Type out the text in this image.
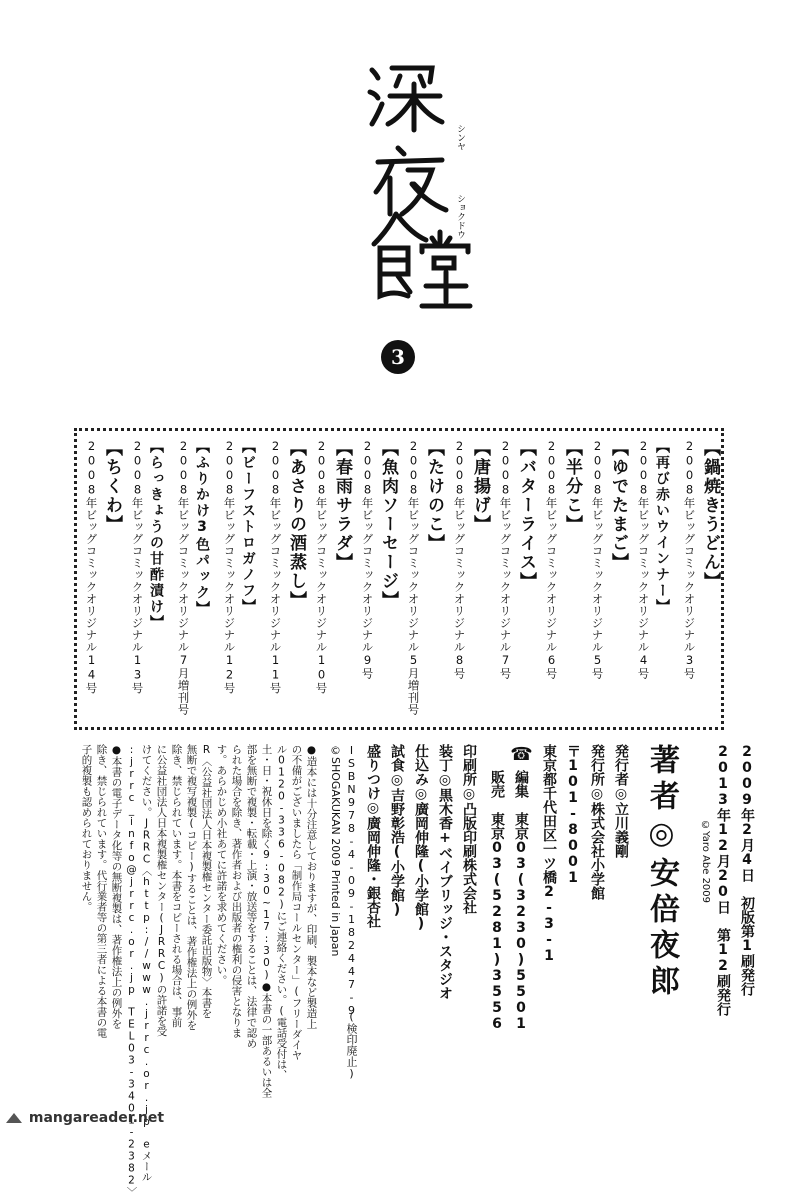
シンヤ
ショクドウ
3
【鍋焼きうどん】
2008年ビッグコミックオリジナル3号
【再び赤いウインナー】
2008年ビッグコミックオリジナル4号
【ゆでたまご】
2008年ビッグコミックオリジナル5号
【半分こ】
2008年ビッグコミックオリジナル6号
【バターライス】
2008年ビッグコミックオリジナル7号
【唐揚げ】
2008年ビッグコミックオリジナル8号
【たけのこ】
2008年ビッグコミックオリジナル5月増刊号
【魚肉ソーセージ】
2008年ビッグコミックオリジナル9号
【春雨サラダ】
2008年ビッグコミックオリジナル10号
【あさりの酒蒸し】
2008年ビッグコミックオリジナル11号
【ビーフストロガノフ】
2008年ビッグコミックオリジナル12号
【ふりかけ3色パック】
2008年ビッグコミックオリジナル7月増刊号
【らっきょうの甘酢漬け】
2008年ビッグコミックオリジナル13号
【ちくわ】
2008年ビッグコミックオリジナル14号
2009年2月4日　初版第1刷発行
2013年12月20日　第12刷発行
©Yaro Abe 2009
著者◎安倍夜郎
発行者◎立川義剛
発行所◎株式会社小学館
〒101-8001
東京都千代田区一ツ橋2-3-1
☎
編集　東京03(3230)5501
販売　東京03(5281)3556
印刷所◎凸版印刷株式会社
装丁◎黒木香+ベイブリッジ・スタジオ
仕込み◎廣岡伸隆(小学館)
試食◎吉野彰浩(小学館)
盛りつけ◎廣岡伸隆・銀杏社
ISBN978-4-09-182447-9
(検印廃止)
©SHOGAKUKAN 2009 Printed in Japan
●造本には十分注意しておりますが、印刷、製本など製造上
の不備がございましたら「制作局コールセンター」(フリーダイヤ
ル0120-336-082)にご連絡ください。(電話受付は、
土・日・祝休日を除く9:30~17:30)●本書の一部あるいは全
部を無断で複製・転載・上演・放送等をすることは、法律で認め
られた場合を除き、著作者および出版者の権利の侵害となりま
す。あらかじめ小社あてに許諾を求めてください。
R〈公益社団法人日本複製権センター委託出版物〉本書を
無断で複写複製(コピー)することは、著作権法上の例外を
除き、禁じられています。本書をコピーされる場合は、事前
に公益社団法人日本複製権センター(JRRC)の許諾を受
けてください。JRRC〈http://www.jrrc.or.jp　eメール
:jrrc_info@jrrc.or.jp　TEL03-3401-2382〉
●本書の電子データ化等の無断複製は、著作権法上の例外を
除き、禁じられています。代行業者等の第三者による本書の電
子的複製も認められておりません。
mangareader.net
